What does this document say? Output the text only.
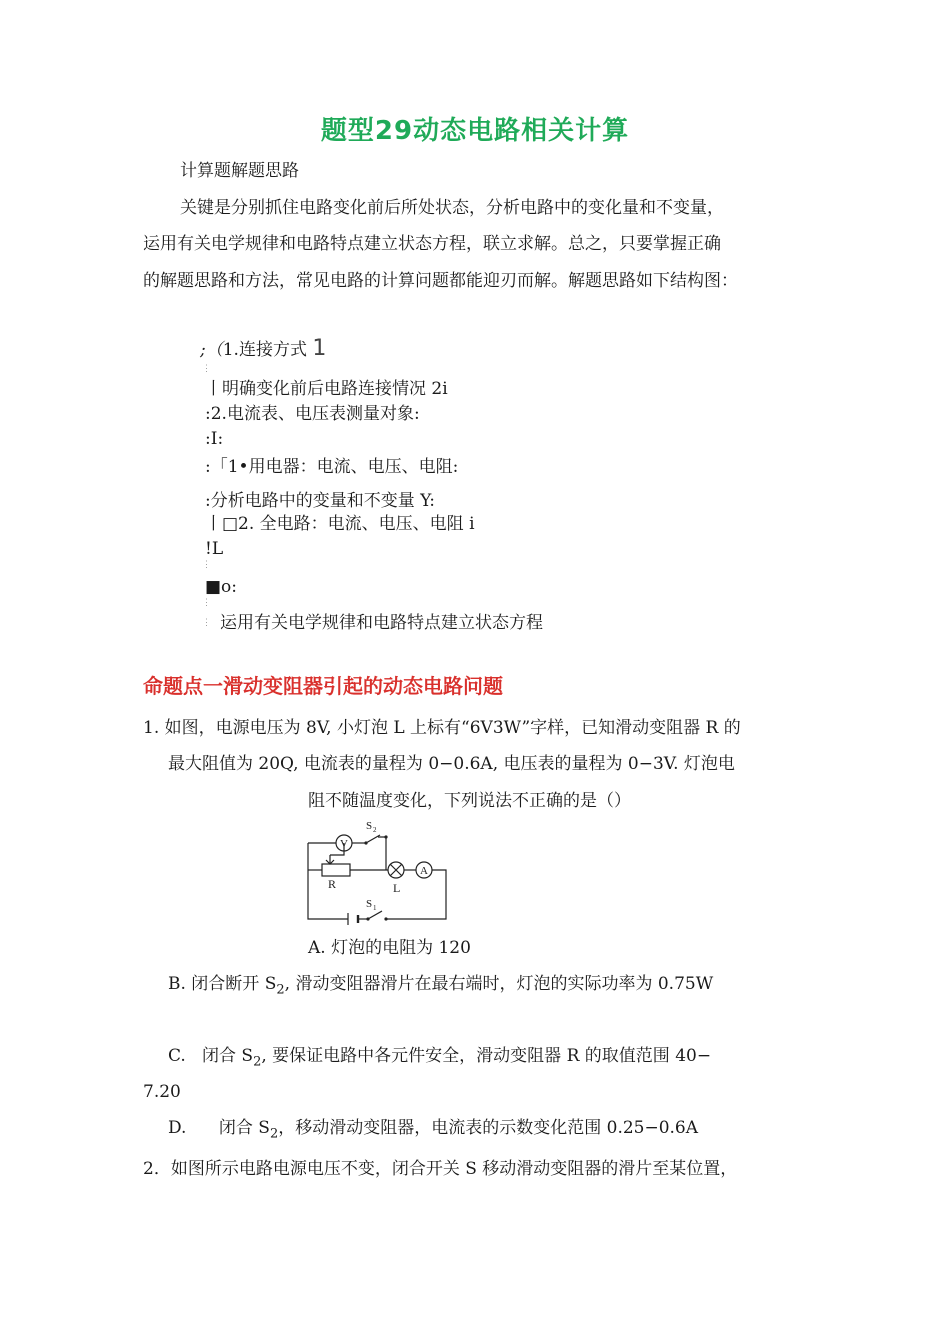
题型29动态电路相关计算
计算题解题思路
关键是分别抓住电路变化前后所处状态，分析电路中的变化量和不变量，
运用有关电学规律和电路特点建立状态方程，联立求解。总之，只要掌握正确
的解题思路和方法，常见电路的计算问题都能迎刃而解。解题思路如下结构图：
;（1.连接方式 1
⋮
丨明确变化前后电路连接情况 2i
:2.电流表、电压表测量对象:
:I:
:「1•用电器：电流、电压、电阻:
:分析电路中的变量和不变量 Y:
丨□2. 全电路：电流、电压、电阻 i
!L
⋮
■o:
⋮
运用有关电学规律和电路特点建立状态方程
⋮
命题点一滑动变阻器引起的动态电路问题
1. 如图，电源电压为 8V, 小灯泡 L 上标有“6V3W”字样，已知滑动变阻器 R 的
最大阻值为 20Q, 电流表的量程为 0−0.6A, 电压表的量程为 0−3V. 灯泡电
阻不随温度变化，下列说法不正确的是（）
V
A
S 2
R	L
S 1
A. 灯泡的电阻为 120
B. 闭合断开 $S_2$, 滑动变阻器滑片在最右端时，灯泡的实际功率为 0.75W
C. 闭合 $S_2$, 要保证电路中各元件安全，滑动变阻器 R 的取值范围 40−
7.20
D. 闭合 $S_2$，移动滑动变阻器，电流表的示数变化范围 0.25−0.6A
2．如图所示电路电源电压不变，闭合开关 S 移动滑动变阻器的滑片至某位置，
